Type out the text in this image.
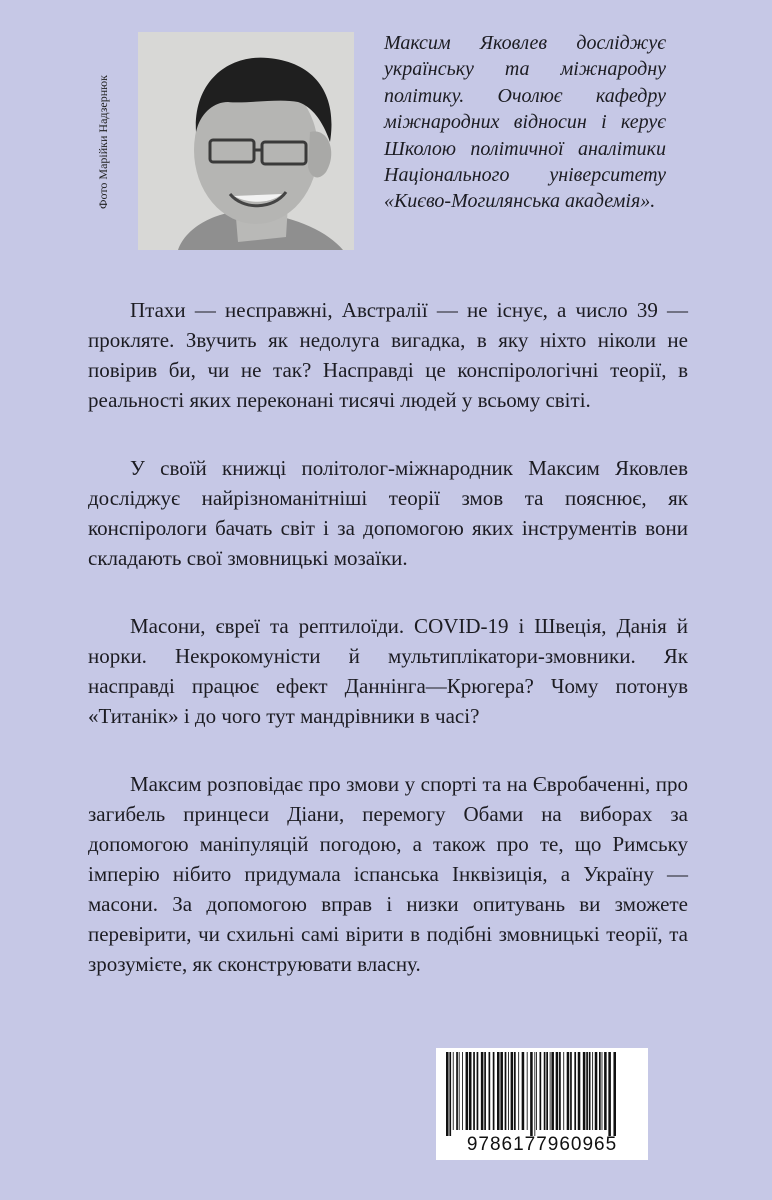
Фото Марійки Надзернюк
Максим Яковлев досліджує українську та міжнародну політику. Очолює кафедру міжнародних відносин і керує Школою політичної аналітики Національного університету «Києво-Могилянська академія».

Птахи — несправжні, Австралії — не існує, а число 39 — прокляте. Звучить як недолуга вигадка, в яку ніхто ніколи не повірив би, чи не так? Насправді це конспірологічні теорії, в реальності яких переконані тисячі людей у всьому світі.

У своїй книжці політолог-міжнародник Максим Яковлев досліджує найрізноманітніші теорії змов та пояснює, як конспірологи бачать світ і за допомогою яких інструментів вони складають свої змовницькі мозаїки.

Масони, євреї та рептилоїди. COVID-19 і Швеція, Данія й норки. Некрокомуністи й мультиплікатори-змовники. Як насправді працює ефект Даннінга—Крюгера? Чому потонув «Титанік» і до чого тут мандрівники в часі?

Максим розповідає про змови у спорті та на Євробаченні, про загибель принцеси Діани, перемогу Обами на виборах за допомогою маніпуляцій погодою, а також про те, що Римську імперію нібито придумала іспанська Інквізиція, а Україну — масони. За допомогою вправ і низки опитувань ви зможете перевірити, чи схильні самі вірити в подібні змовницькі теорії, та зрозумієте, як сконструювати власну.

9786177960965
